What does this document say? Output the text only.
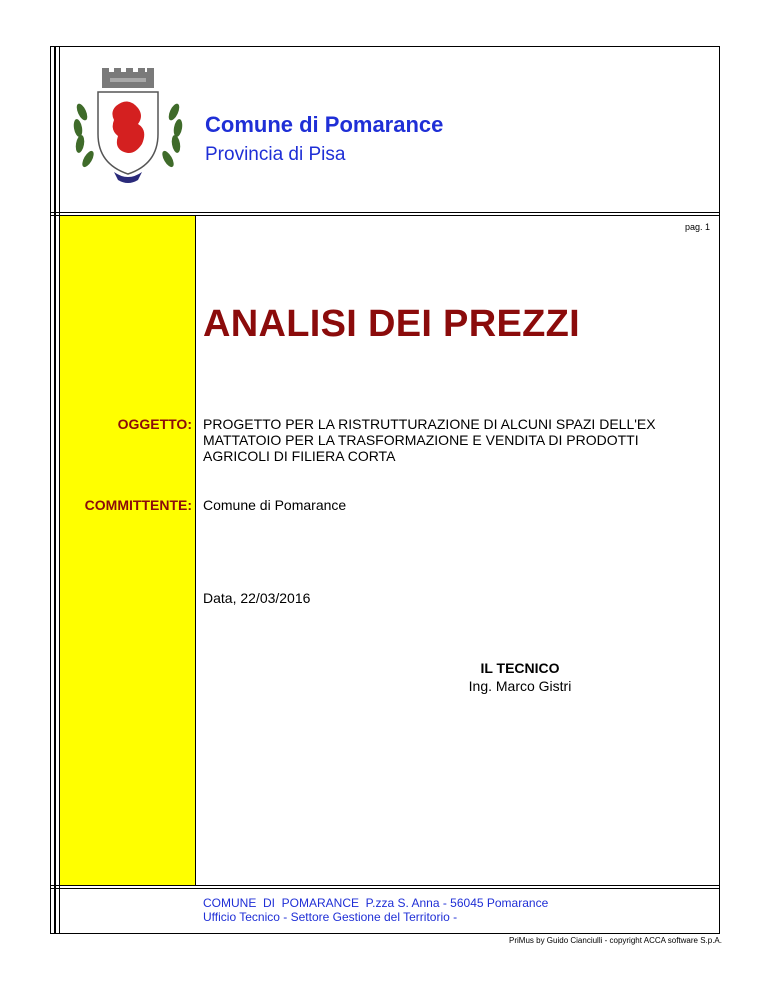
Comune di Pomarance
Provincia di Pisa
pag. 1
ANALISI DEI PREZZI
OGGETTO: PROGETTO PER LA RISTRUTTURAZIONE DI ALCUNI SPAZI DELL'EX
MATTATOIO PER LA TRASFORMAZIONE E VENDITA DI PRODOTTI
AGRICOLI DI FILIERA CORTA
COMMITTENTE: Comune di Pomarance
Data, 22/03/2016
IL TECNICO
Ing. Marco Gistri
COMUNE  DI  POMARANCE  P.zza S. Anna - 56045 Pomarance
Ufficio Tecnico - Settore Gestione del Territorio -
PriMus by Guido Cianciulli - copyright ACCA software S.p.A.
